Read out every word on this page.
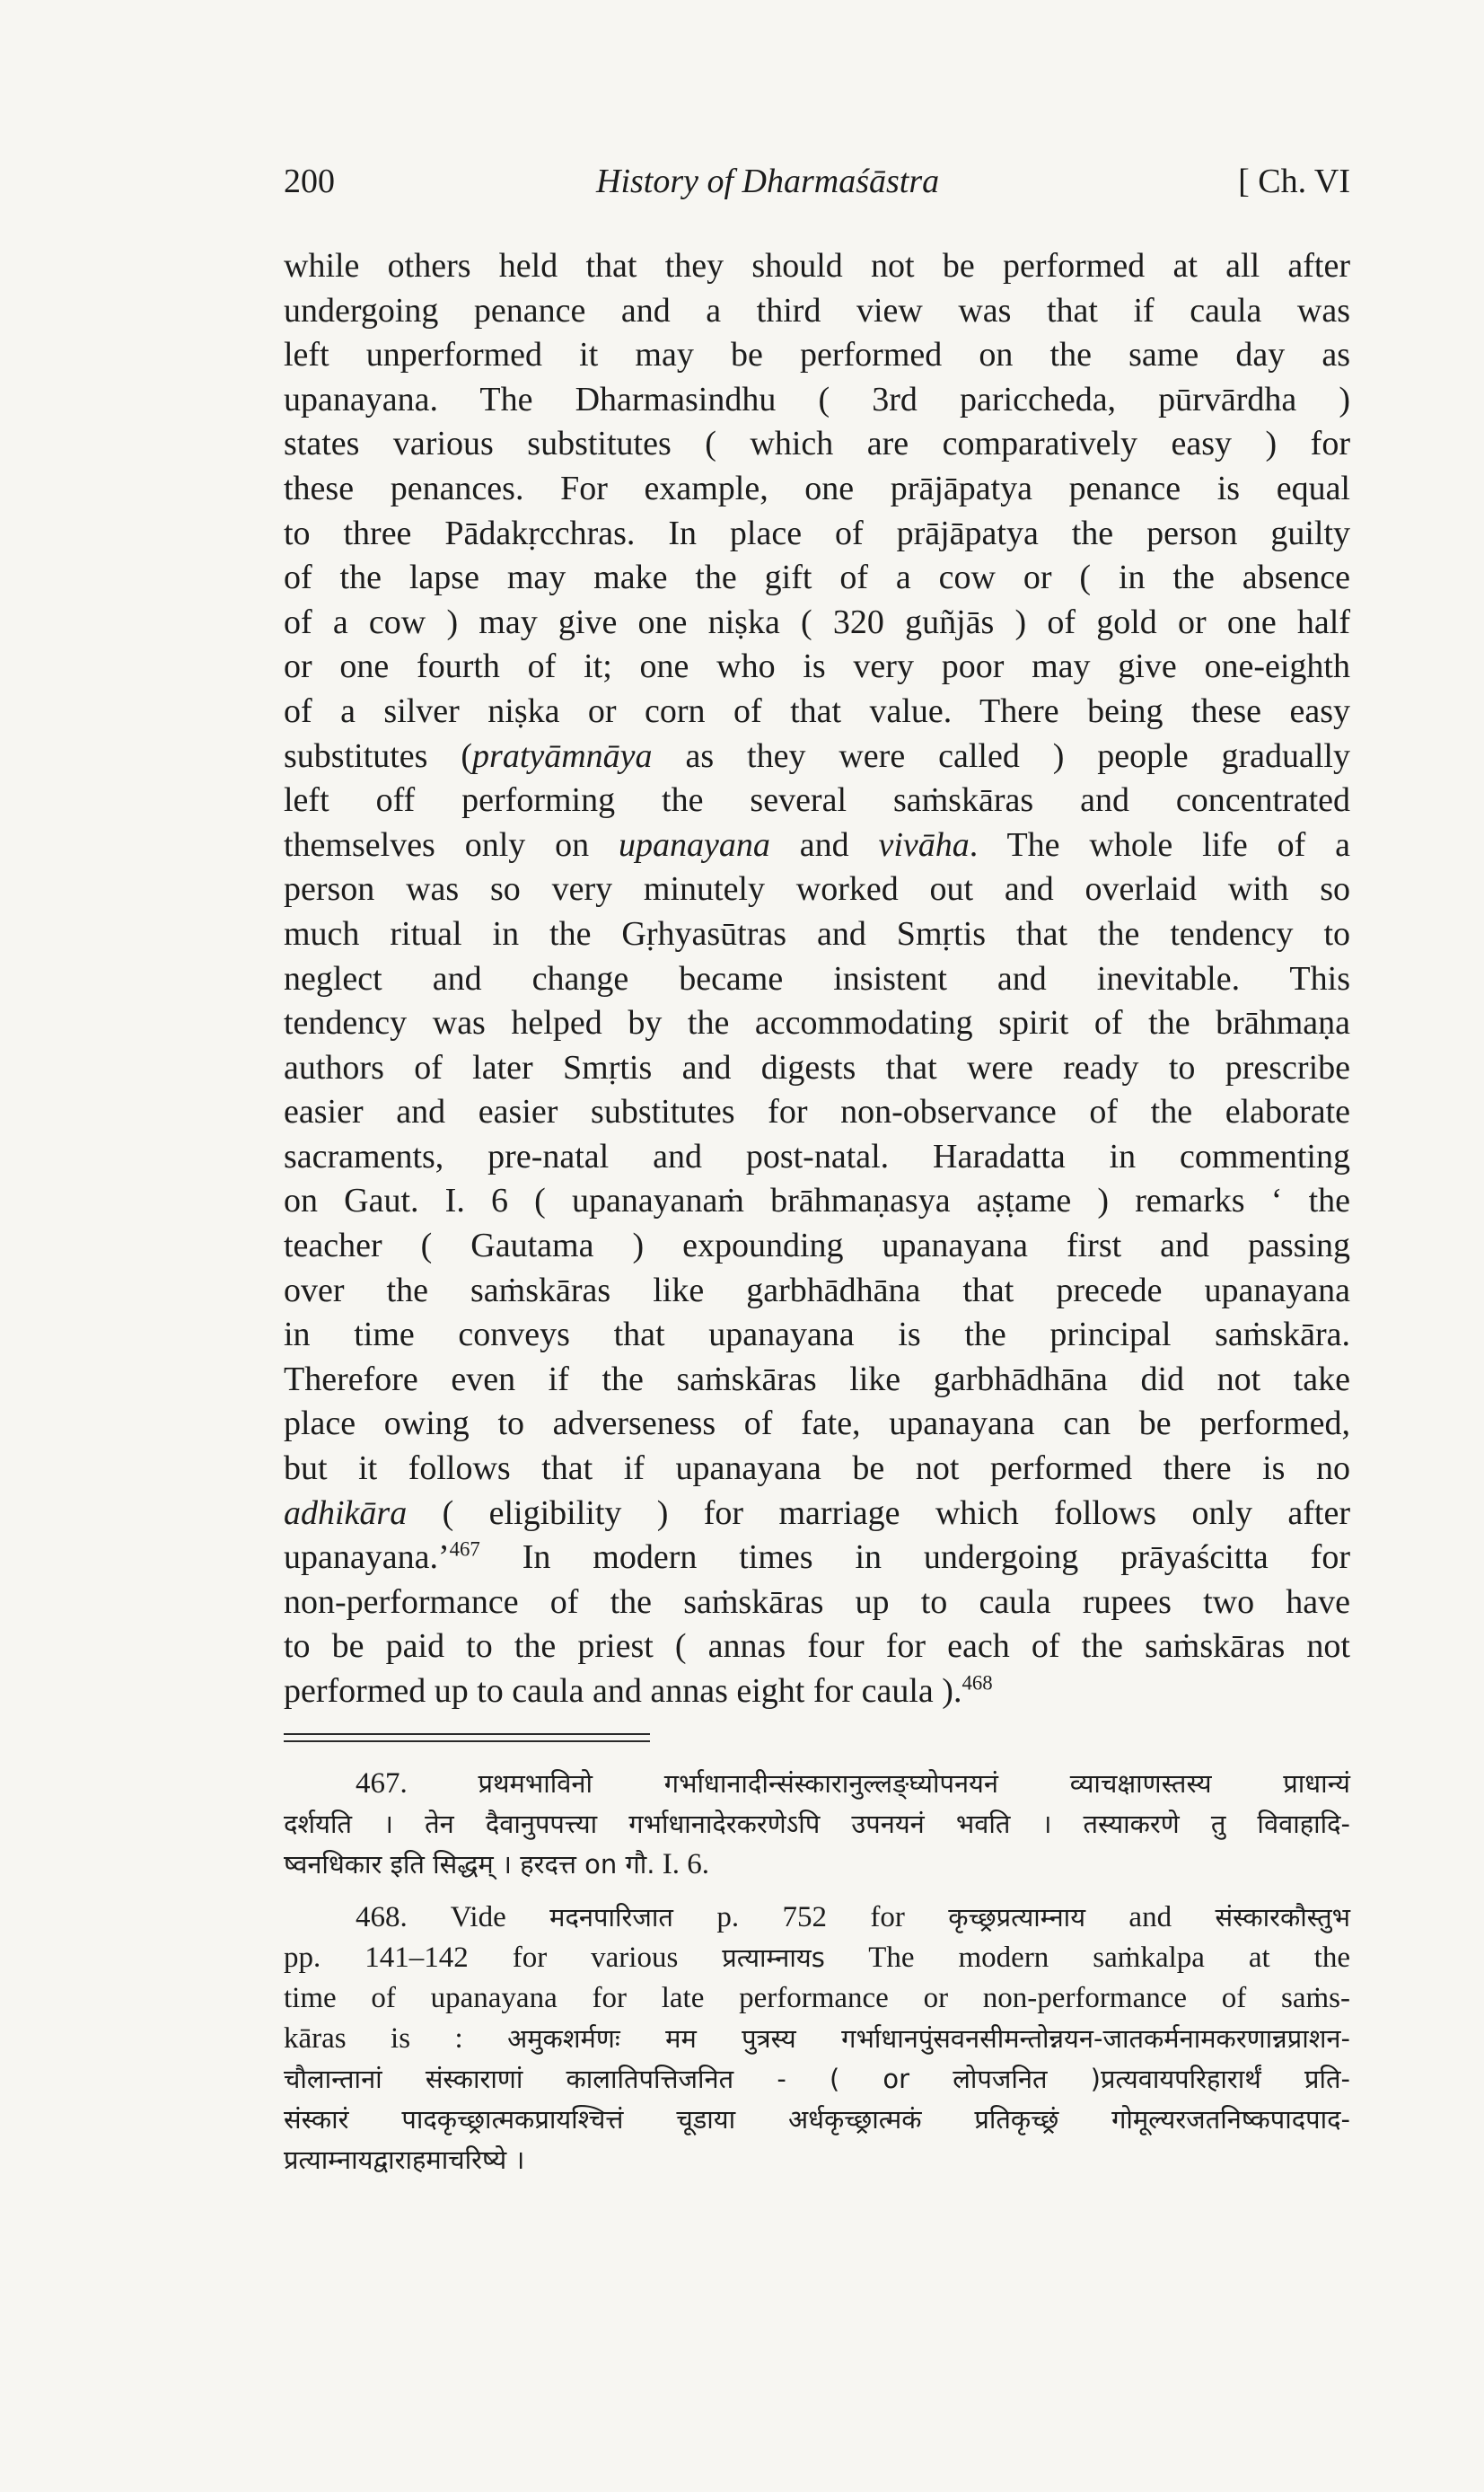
200	History of Dharmaśāstra	[ Ch. VI
while others held that they should not be performed at all after
undergoing penance and a third view was that if caula was
left unperformed it may be performed on the same day as
upanayana. The Dharmasindhu ( 3rd pariccheda, pūrvārdha )
states various substitutes ( which are comparatively easy ) for
these penances. For example, one prājāpatya penance is equal
to three Pādakṛcchras. In place of prājāpatya the person guilty
of the lapse may make the gift of a cow or ( in the absence
of a cow ) may give one niṣka ( 320 guñjās ) of gold or one half
or one fourth of it; one who is very poor may give one-eighth
of a silver niṣka or corn of that value. There being these easy
substitutes (pratyāmnāya as they were called ) people gradually
left off performing the several saṁskāras and concentrated
themselves only on upanayana and vivāha. The whole life of a
person was so very minutely worked out and overlaid with so
much ritual in the Gṛhyasūtras and Smṛtis that the tendency to
neglect and change became insistent and inevitable. This
tendency was helped by the accommodating spirit of the brāhmaṇa
authors of later Smṛtis and digests that were ready to prescribe
easier and easier substitutes for non-observance of the elaborate
sacraments, pre-natal and post-natal. Haradatta in commenting
on Gaut. I. 6 ( upanayanaṁ brāhmaṇasya aṣṭame ) remarks ‘ the
teacher ( Gautama ) expounding upanayana first and passing
over the saṁskāras like garbhādhāna that precede upanayana
in time conveys that upanayana is the principal saṁskāra.
Therefore even if the saṁskāras like garbhādhāna did not take
place owing to adverseness of fate, upanayana can be performed,
but it follows that if upanayana be not performed there is no
adhikāra ( eligibility ) for marriage which follows only after
upanayana.’$^{467}$ In modern times in undergoing prāyaścitta for
non-performance of the saṁskāras up to caula rupees two have
to be paid to the priest ( annas four for each of the saṁskāras not
performed up to caula and annas eight for caula ).$^{468}$
467.	प्रथमभाविनो गर्भाधानादीन्संस्कारानुल्लङ्घ्योपनयनं व्याचक्षाणस्तस्य प्राधान्यं
दर्शयति । तेन दैवानुपपत्त्या गर्भाधानादेरकरणेऽपि उपनयनं भवति । तस्याकरणे तु विवाहादि-
ष्वनधिकार इति सिद्धम् । हरदत्त on गौ. I. 6.
468. Vide मदनपारिजात p. 752 for कृच्छ्रप्रत्याम्नाय and संस्कारकौस्तुभ
pp. 141–142 for various प्रत्याम्नायs The modern saṁkalpa at the
time of upanayana for late performance or non-performance of saṁs-
kāras is : अमुकशर्मणः मम पुत्रस्य गर्भाधानपुंसवनसीमन्तोन्नयन-जातकर्मनामकरणान्नप्राशन-
चौलान्तानां संस्काराणां कालातिपत्तिजनित - ( or लोपजनित )प्रत्यवायपरिहारार्थं प्रति-
संस्कारं पादकृच्छ्रात्मकप्रायश्चित्तं चूडाया अर्धकृच्छ्रात्मकं प्रतिकृच्छ्रं गोमूल्यरजतनिष्कपादपाद-
प्रत्याम्नायद्वाराहमाचरिष्ये ।
